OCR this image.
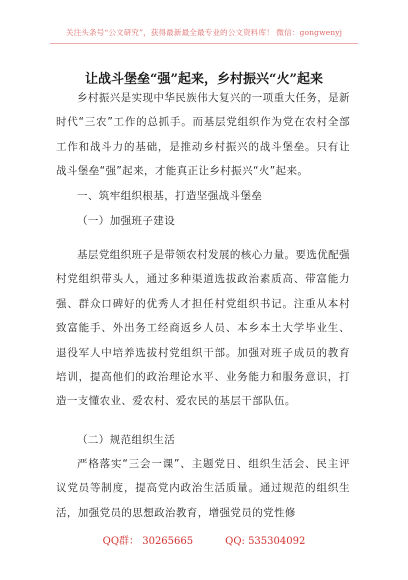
关注头条号“公文研究”，获得最新最全最专业的公文资料库！ 微信：gongwenyj
让战斗堡垒“强”起来，乡村振兴“火”起来

乡村振兴是实现中华民族伟大复兴的一项重大任务，是新时代“三农”工作的总抓手。而基层党组织作为党在农村全部工作和战斗力的基础，是推动乡村振兴的战斗堡垒。只有让战斗堡垒“强”起来，才能真正让乡村振兴“火”起来。

一、筑牢组织根基，打造坚强战斗堡垒
（一）加强班子建设

基层党组织班子是带领农村发展的核心力量。要选优配强村党组织带头人，通过多种渠道选拔政治素质高、带富能力强、群众口碑好的优秀人才担任村党组织书记。注重从本村致富能手、外出务工经商返乡人员、本乡本土大学毕业生、退役军人中培养选拔村党组织干部。加强对班子成员的教育培训，提高他们的政治理论水平、业务能力和服务意识，打造一支懂农业、爱农村、爱农民的基层干部队伍。

（二）规范组织生活

严格落实“三会一课”、主题党日、组织生活会、民主评议党员等制度，提高党内政治生活质量。通过规范的组织生活，加强党员的思想政治教育，增强党员的党性修

QQ群： 30265665	QQ: 535304092
